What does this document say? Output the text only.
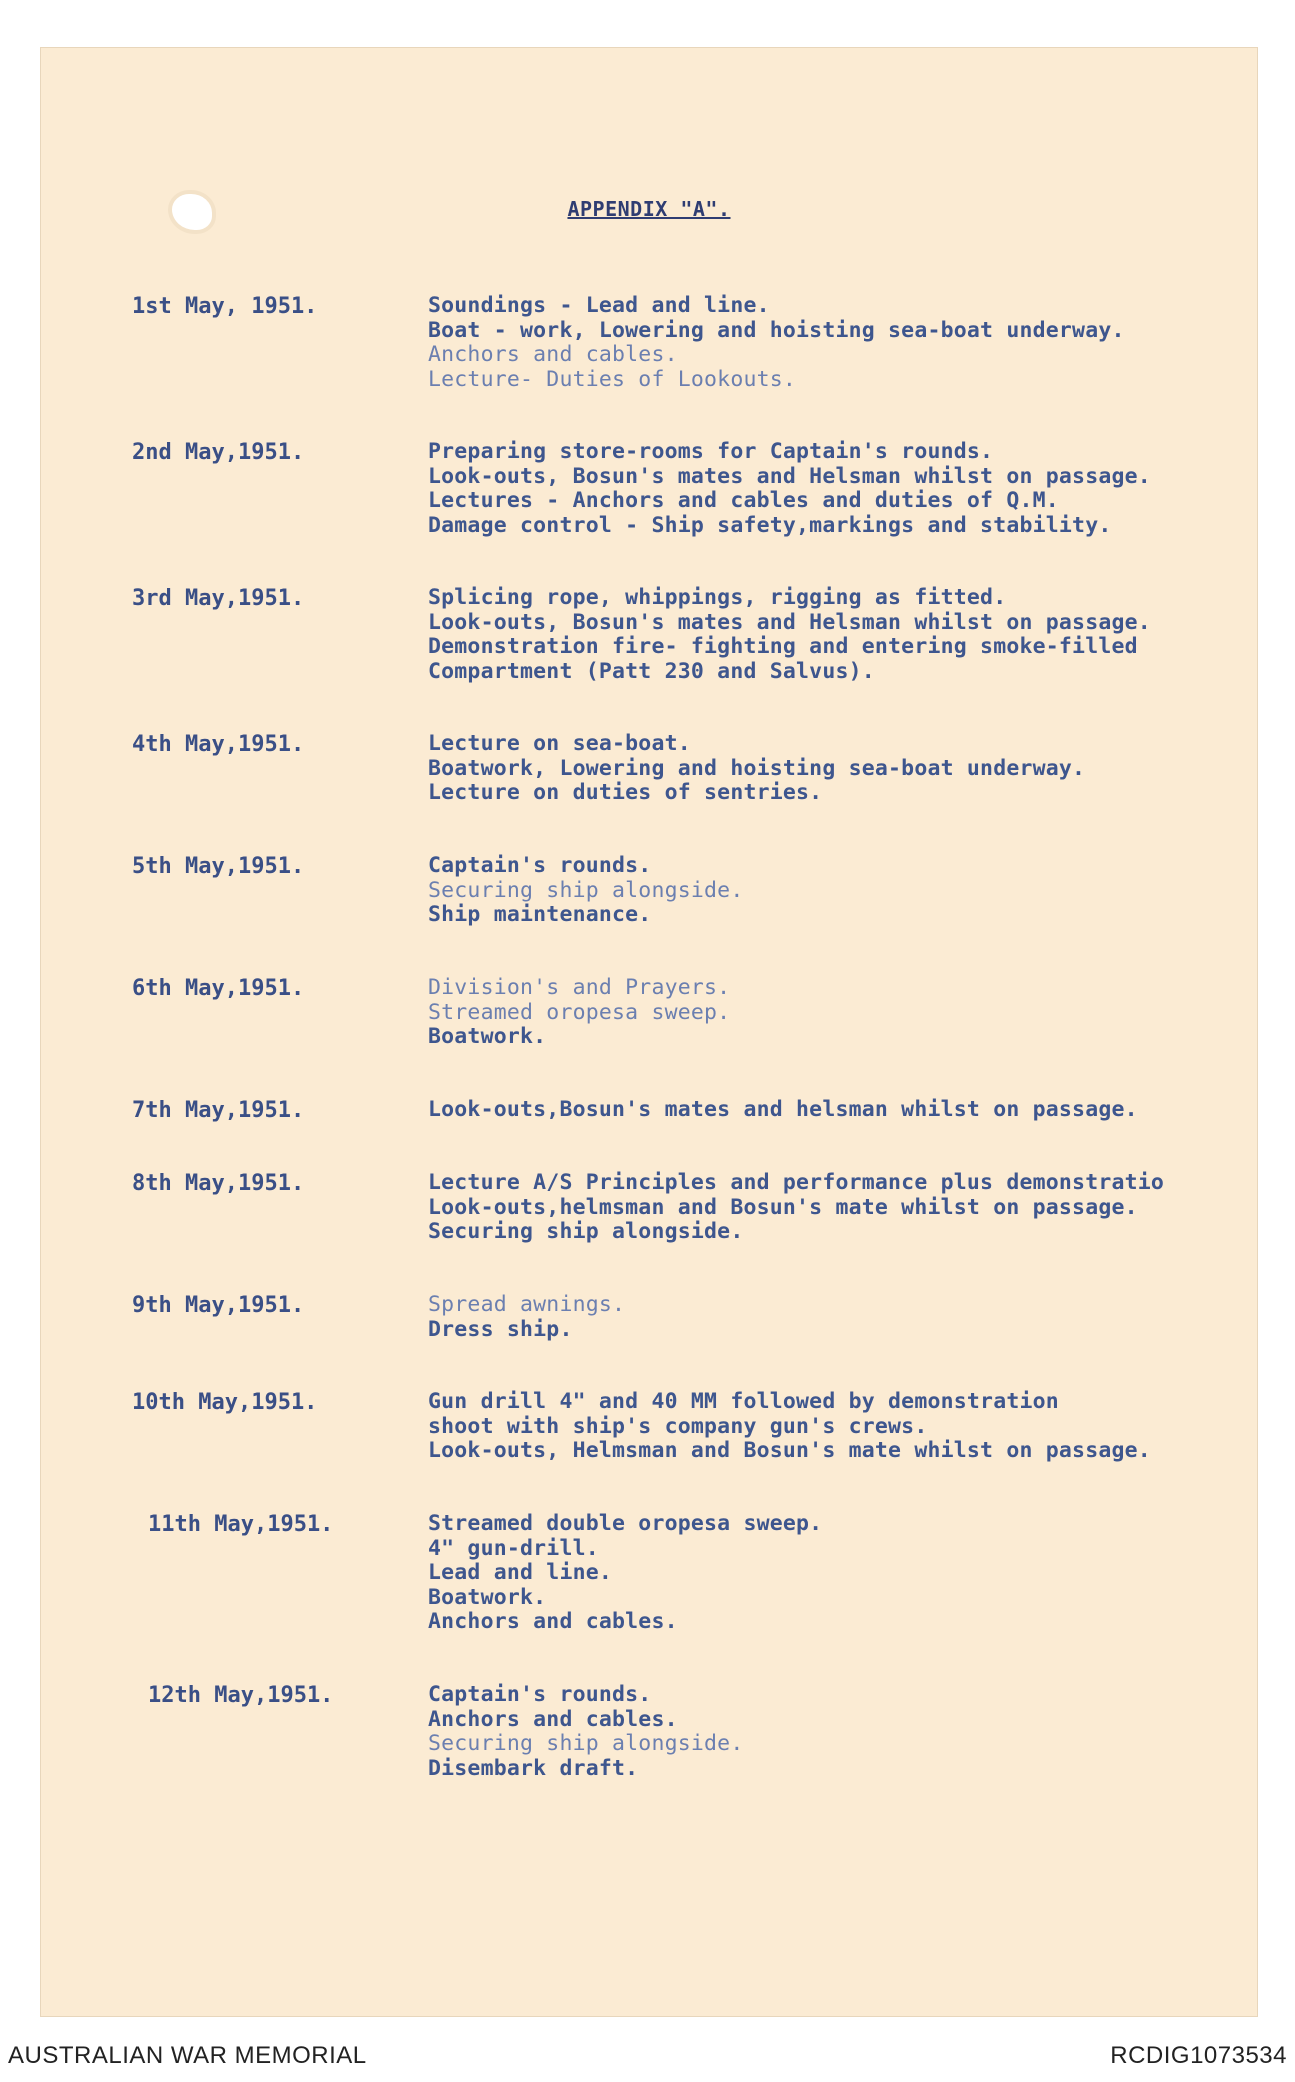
APPENDIX "A".
1st May, 1951.	Soundings - Lead and line.
Boat - work, Lowering and hoisting sea-boat underway.
Anchors and cables.
Lecture- Duties of Lookouts.
2nd May,1951.	Preparing store-rooms for Captain's rounds.
Look-outs, Bosun's mates and Helsman whilst on passage.
Lectures - Anchors and cables and duties of Q.M.
Damage control - Ship safety,markings and stability.
3rd May,1951.	Splicing rope, whippings, rigging as fitted.
Look-outs, Bosun's mates and Helsman whilst on passage.
Demonstration fire- fighting and entering smoke-filled
Compartment (Patt 230 and Salvus).
4th May,1951.	Lecture on sea-boat.
Boatwork, Lowering and hoisting sea-boat underway.
Lecture on duties of sentries.
5th May,1951.	Captain's rounds.
Securing ship alongside.
Ship maintenance.
6th May,1951.	Division's and Prayers.
Streamed oropesa sweep.
Boatwork.
7th May,1951.	Look-outs,Bosun's mates and helsman whilst on passage.
8th May,1951.	Lecture A/S Principles and performance plus demonstratio
Look-outs,helmsman and Bosun's mate whilst on passage.
Securing ship alongside.
9th May,1951.	Spread awnings.
Dress ship.
10th May,1951.	Gun drill 4" and 40 MM followed by demonstration
shoot with ship's company gun's crews.
Look-outs, Helmsman and Bosun's mate whilst on passage.
11th May,1951.	Streamed double oropesa sweep.
4" gun-drill.
Lead and line.
Boatwork.
Anchors and cables.
12th May,1951.	Captain's rounds.
Anchors and cables.
Securing ship alongside.
Disembark draft.
AUSTRALIAN WAR MEMORIAL	RCDIG1073534
